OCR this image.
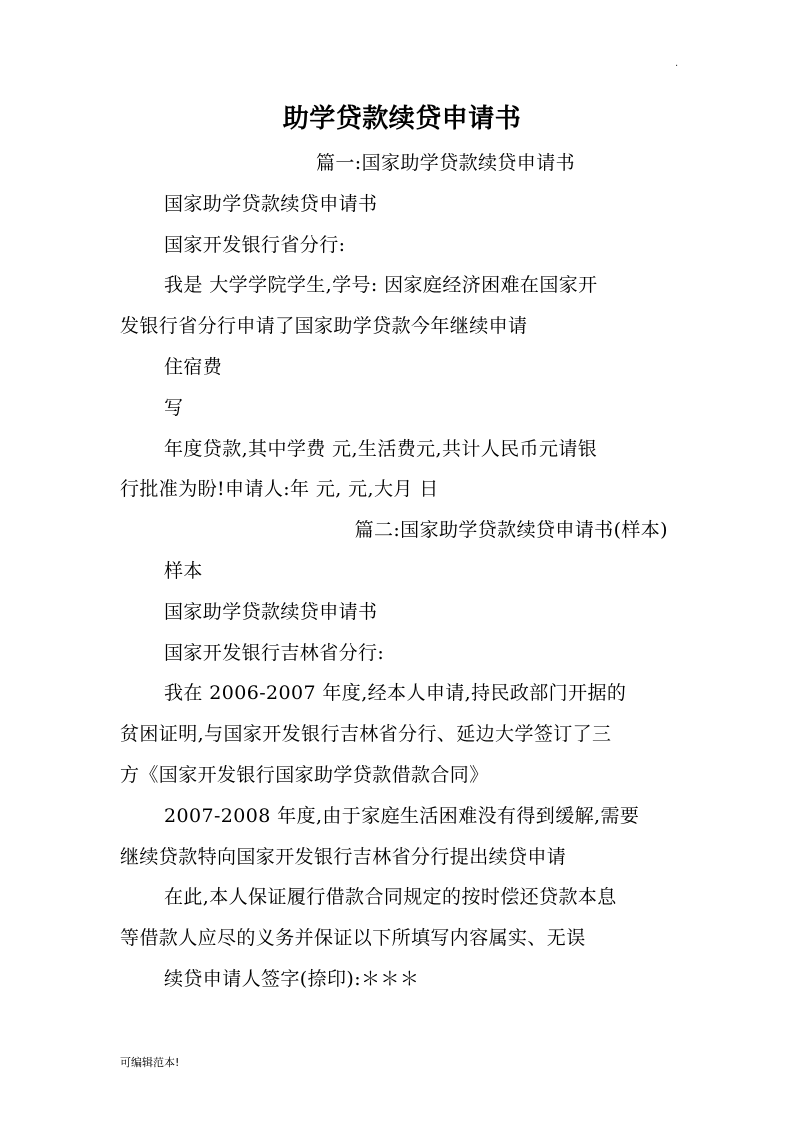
.
助学贷款续贷申请书
篇一:国家助学贷款续贷申请书
国家助学贷款续贷申请书
国家开发银行省分行:
我是 大学学院学生,学号: 因家庭经济困难在国家开
发银行省分行申请了国家助学贷款今年继续申请
住宿费
写
年度贷款,其中学费 元,生活费元,共计人民币元请银
行批准为盼!申请人:年 元, 元,大月 日
篇二:国家助学贷款续贷申请书(样本)
样本
国家助学贷款续贷申请书
国家开发银行吉林省分行:
我在 2006-2007 年度,经本人申请,持民政部门开据的
贫困证明,与国家开发银行吉林省分行、延边大学签订了三
方《国家开发银行国家助学贷款借款合同》
2007-2008 年度,由于家庭生活困难没有得到缓解,需要
继续贷款特向国家开发银行吉林省分行提出续贷申请
在此,本人保证履行借款合同规定的按时偿还贷款本息
等借款人应尽的义务并保证以下所填写内容属实、无误
续贷申请人签字(捺印):＊＊＊
可编辑范本!
